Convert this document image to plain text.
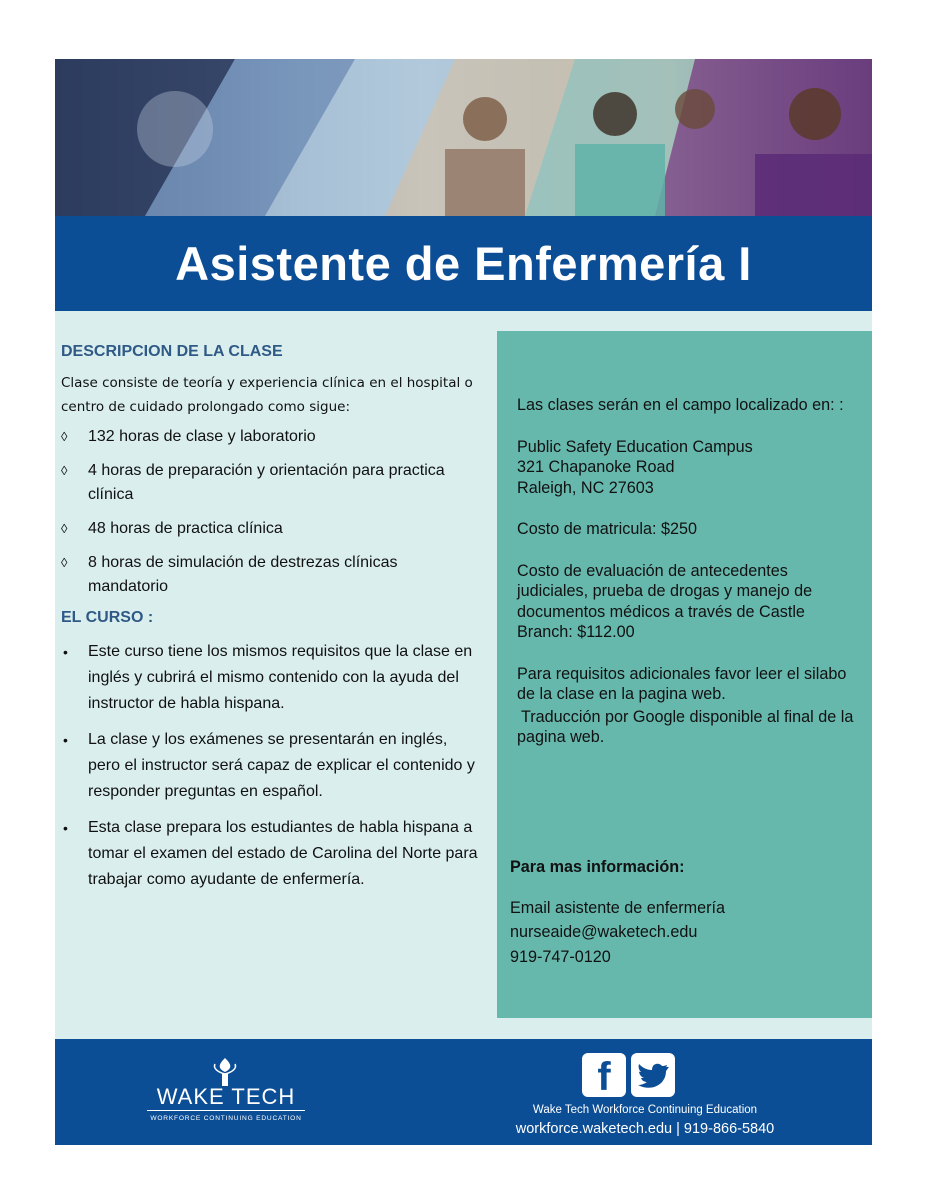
Asistente de Enfermería I
DESCRIPCION DE LA CLASE

Clase consiste de teoría y experiencia clínica en el hospital o centro de cuidado prolongado como sigue:

◊ 132 horas de clase y laboratorio
◊ 4 horas de preparación y orientación para practica clínica
◊ 48 horas de practica clínica
◊ 8 horas de simulación de destrezas clínicas mandatorio
EL CURSO :
• Este curso tiene los mismos requisitos que la clase en inglés y cubrirá el mismo contenido con la ayuda del instructor de habla hispana.
• La clase y los exámenes se presentarán en inglés, pero el instructor será capaz de explicar el contenido y responder preguntas en español.
• Esta clase prepara los estudiantes de habla hispana a tomar el examen del estado de Carolina del Norte para trabajar como ayudante de enfermería.

Las clases serán en el campo localizado en: :

Public Safety Education Campus
321 Chapanoke Road
Raleigh, NC 27603

Costo de matricula: $250

Costo de evaluación de antecedentes judiciales, prueba de drogas y manejo de documentos médicos a través de Castle Branch: $112.00

Para requisitos adicionales favor leer el silabo de la clase en la pagina web.

Traducción por Google disponible al final de la pagina web.

Para mas información:
Email asistente de enfermería
nurseaide@waketech.edu
919-747-0120
WAKE TECH
WORKFORCE CONTINUING EDUCATION
f
Wake Tech Workforce Continuing Education
workforce.waketech.edu | 919-866-5840
